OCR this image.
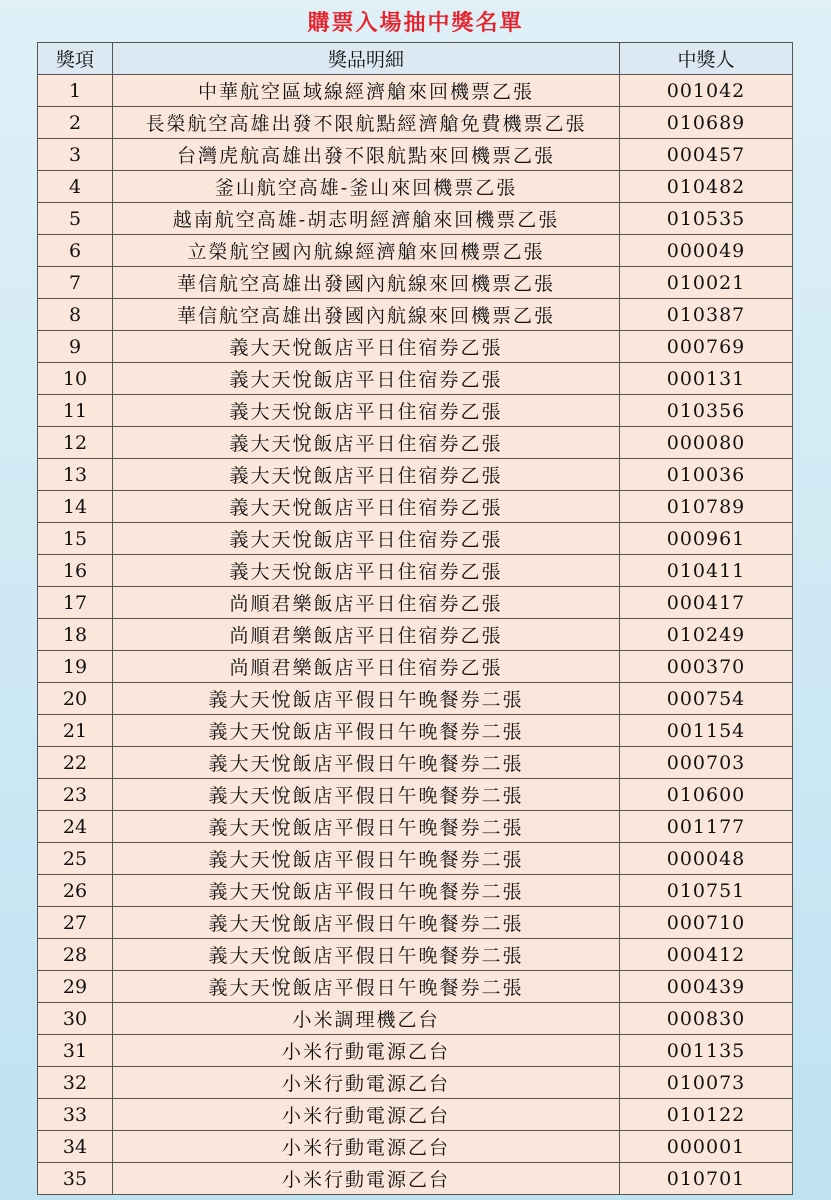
購票入場抽中獎名單
獎項	獎品明細	中獎人
1	中華航空區域線經濟艙來回機票乙張	001042
2	長榮航空高雄出發不限航點經濟艙免費機票乙張	010689
3	台灣虎航高雄出發不限航點來回機票乙張	000457
4	釜山航空高雄-釜山來回機票乙張	010482
5	越南航空高雄-胡志明經濟艙來回機票乙張	010535
6	立榮航空國內航線經濟艙來回機票乙張	000049
7	華信航空高雄出發國內航線來回機票乙張	010021
8	華信航空高雄出發國內航線來回機票乙張	010387
9	義大天悅飯店平日住宿券乙張	000769
10	義大天悅飯店平日住宿券乙張	000131
11	義大天悅飯店平日住宿券乙張	010356
12	義大天悅飯店平日住宿券乙張	000080
13	義大天悅飯店平日住宿券乙張	010036
14	義大天悅飯店平日住宿券乙張	010789
15	義大天悅飯店平日住宿券乙張	000961
16	義大天悅飯店平日住宿券乙張	010411
17	尚順君樂飯店平日住宿券乙張	000417
18	尚順君樂飯店平日住宿券乙張	010249
19	尚順君樂飯店平日住宿券乙張	000370
20	義大天悅飯店平假日午晚餐券二張	000754
21	義大天悅飯店平假日午晚餐券二張	001154
22	義大天悅飯店平假日午晚餐券二張	000703
23	義大天悅飯店平假日午晚餐券二張	010600
24	義大天悅飯店平假日午晚餐券二張	001177
25	義大天悅飯店平假日午晚餐券二張	000048
26	義大天悅飯店平假日午晚餐券二張	010751
27	義大天悅飯店平假日午晚餐券二張	000710
28	義大天悅飯店平假日午晚餐券二張	000412
29	義大天悅飯店平假日午晚餐券二張	000439
30	小米調理機乙台	000830
31	小米行動電源乙台	001135
32	小米行動電源乙台	010073
33	小米行動電源乙台	010122
34	小米行動電源乙台	000001
35	小米行動電源乙台	010701
